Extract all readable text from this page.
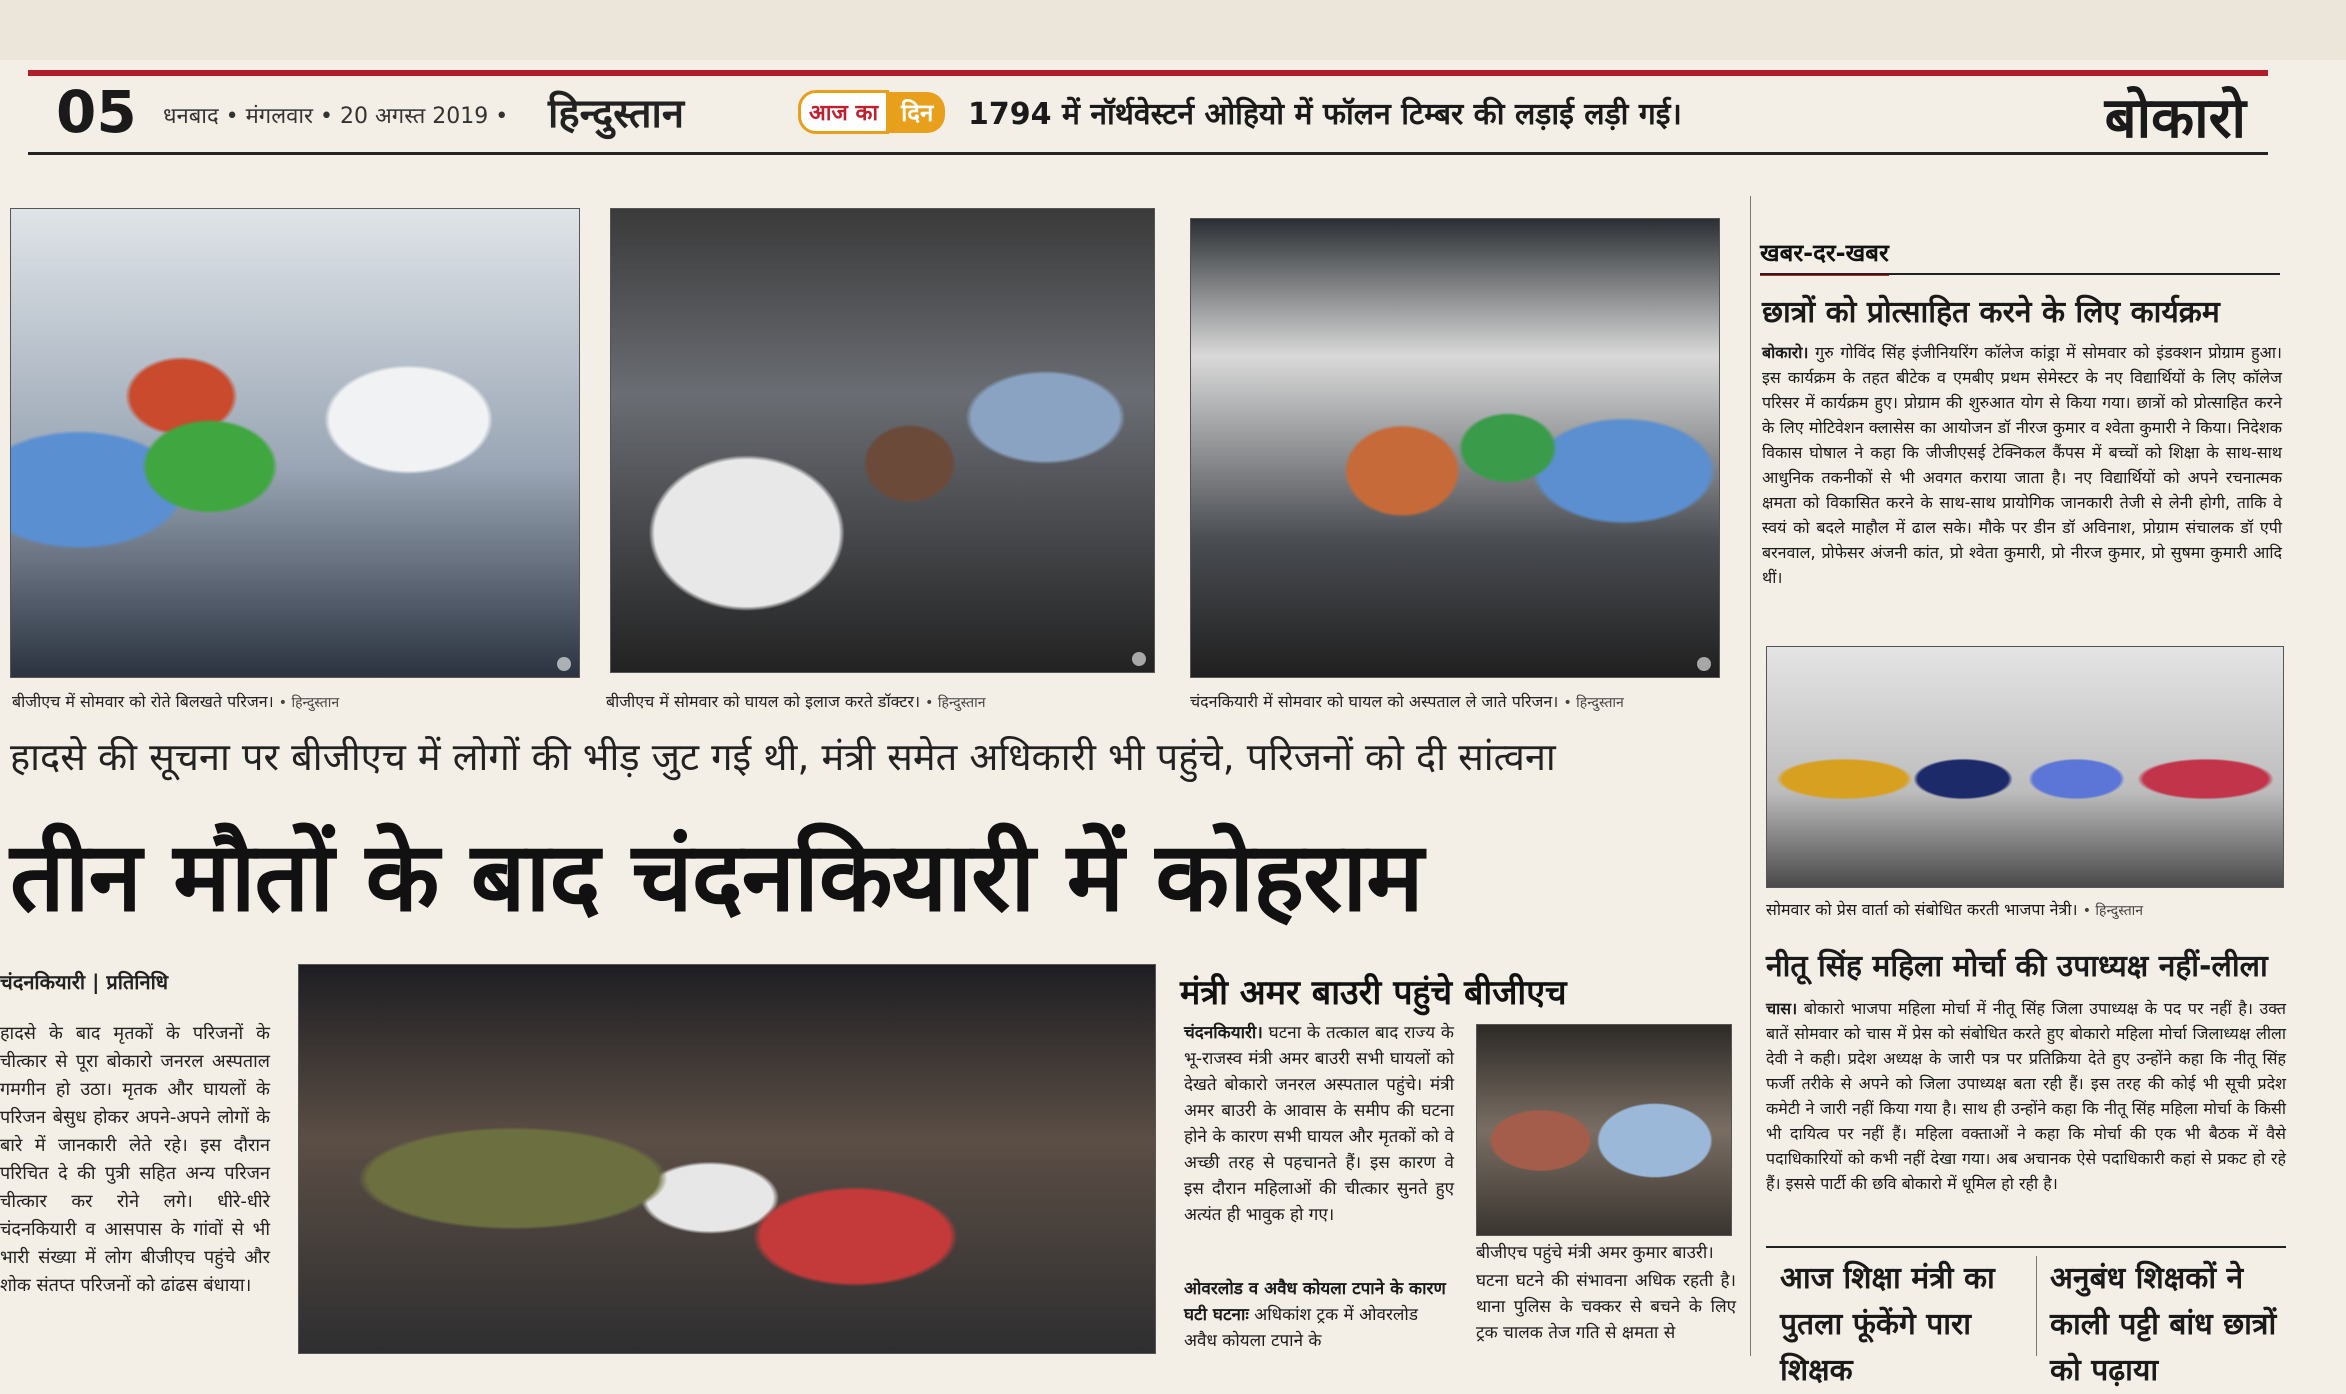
05 धनबाद • मंगलवार • 20 अगस्त 2019 • हिन्दुस्तान	आज का दिन	1794 में नॉर्थवेस्टर्न ओहियो में फॉलन टिम्बर की लड़ाई लड़ी गई।	बोकारो
बीजीएच में सोमवार को रोते बिलखते परिजन। • हिन्दुस्तान	बीजीएच में सोमवार को घायल को इलाज करते डॉक्टर। • हिन्दुस्तान	चंदनकियारी में सोमवार को घायल को अस्पताल ले जाते परिजन। • हिन्दुस्तान
हादसे की सूचना पर बीजीएच में लोगों की भीड़ जुट गई थी, मंत्री समेत अधिकारी भी पहुंचे, परिजनों को दी सांत्वना
तीन मौतों के बाद चंदनकियारी में कोहराम
चंदनकियारी | प्रतिनिधि
हादसे के बाद मृतकों के परिजनों के चीत्कार से पूरा बोकारो जनरल अस्पताल गमगीन हो उठा। मृतक और घायलों के परिजन बेसुध होकर अपने-अपने लोगों के बारे में जानकारी लेते रहे। इस दौरान परिचित दे की पुत्री सहित अन्य परिजन चीत्कार कर रोने लगे। धीरे-धीरे चंदनकियारी व आसपास के गांवों से भी भारी संख्या में लोग बीजीएच पहुंचे और शोक संतप्त परिजनों को ढांढस बंधाया।
मंत्री अमर बाउरी पहुंचे बीजीएच
चंदनकियारी। घटना के तत्काल बाद राज्य के भू-राजस्व मंत्री अमर बाउरी सभी घायलों को देखते बोकारो जनरल अस्पताल पहुंचे। मंत्री अमर बाउरी के आवास के समीप की घटना होने के कारण सभी घायल और मृतकों को वे अच्छी तरह से पहचानते हैं। इस कारण वे इस दौरान महिलाओं की चीत्कार सुनते हुए अत्यंत ही भावुक हो गए।
ओवरलोड व अवैध कोयला टपाने के कारण घटी घटनाः अधिकांश ट्रक में ओवरलोड अवैध कोयला टपाने के
बीजीएच पहुंचे मंत्री अमर कुमार बाउरी।
घटना घटने की संभावना अधिक रहती है। थाना पुलिस के चक्कर से बचने के लिए ट्रक चालक तेज गति से क्षमता से
खबर-दर-खबर
छात्रों को प्रोत्साहित करने के लिए कार्यक्रम
बोकारो। गुरु गोविंद सिंह इंजीनियरिंग कॉलेज कांड्रा में सोमवार को इंडक्शन प्रोग्राम हुआ। इस कार्यक्रम के तहत बीटेक व एमबीए प्रथम सेमेस्टर के नए विद्यार्थियों के लिए कॉलेज परिसर में कार्यक्रम हुए। प्रोग्राम की शुरुआत योग से किया गया। छात्रों को प्रोत्साहित करने के लिए मोटिवेशन क्लासेस का आयोजन डॉ नीरज कुमार व श्वेता कुमारी ने किया। निदेशक विकास घोषाल ने कहा कि जीजीएसई टेक्निकल कैंपस में बच्चों को शिक्षा के साथ-साथ आधुनिक तकनीकों से भी अवगत कराया जाता है। नए विद्यार्थियों को अपने रचनात्मक क्षमता को विकासित करने के साथ-साथ प्रायोगिक जानकारी तेजी से लेनी होगी, ताकि वे स्वयं को बदले माहौल में ढाल सके। मौके पर डीन डॉ अविनाश, प्रोग्राम संचालक डॉ एपी बरनवाल, प्रोफेसर अंजनी कांत, प्रो श्वेता कुमारी, प्रो नीरज कुमार, प्रो सुषमा कुमारी आदि थीं।
सोमवार को प्रेस वार्ता को संबोधित करती भाजपा नेत्री। • हिन्दुस्तान
नीतू सिंह महिला मोर्चा की उपाध्यक्ष नहीं-लीला
चास। बोकारो भाजपा महिला मोर्चा में नीतू सिंह जिला उपाध्यक्ष के पद पर नहीं है। उक्त बातें सोमवार को चास में प्रेस को संबोधित करते हुए बोकारो महिला मोर्चा जिलाध्यक्ष लीला देवी ने कही। प्रदेश अध्यक्ष के जारी पत्र पर प्रतिक्रिया देते हुए उन्होंने कहा कि नीतू सिंह फर्जी तरीके से अपने को जिला उपाध्यक्ष बता रही हैं। इस तरह की कोई भी सूची प्रदेश कमेटी ने जारी नहीं किया गया है। साथ ही उन्होंने कहा कि नीतू सिंह महिला मोर्चा के किसी भी दायित्व पर नहीं हैं। महिला वक्ताओं ने कहा कि मोर्चा की एक भी बैठक में वैसे पदाधिकारियों को कभी नहीं देखा गया। अब अचानक ऐसे पदाधिकारी कहां से प्रकट हो रहे हैं। इससे पार्टी की छवि बोकारो में धूमिल हो रही है।
आज शिक्षा मंत्री का पुतला फूंकेंगे पारा शिक्षक
अनुबंध शिक्षकों ने काली पट्टी बांध छात्रों को पढ़ाया
